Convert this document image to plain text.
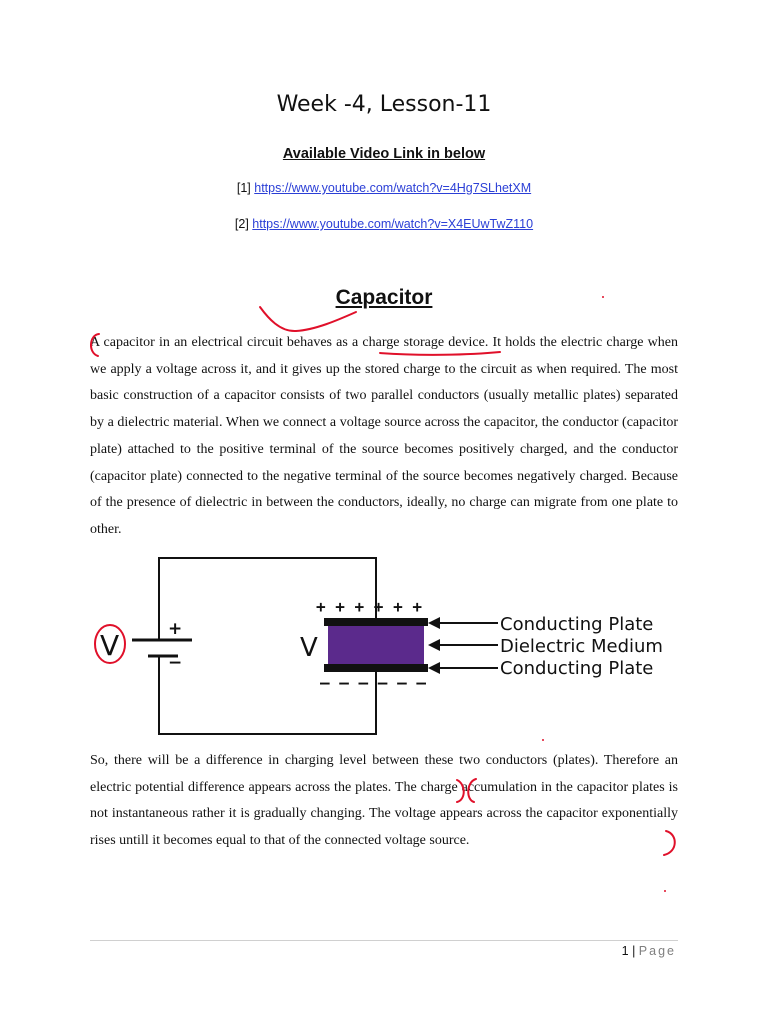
Week -4, Lesson-11
Available Video Link in below
[1] https://www.youtube.com/watch?v=4Hg7SLhetXM
[2] https://www.youtube.com/watch?v=X4EUwTwZ110
Capacitor

A capacitor in an electrical circuit behaves as a charge storage device. It holds the electric charge when we apply a voltage across it, and it gives up the stored charge to the circuit as when required. The most basic construction of a capacitor consists of two parallel conductors (usually metallic plates) separated by a dielectric material. When we connect a voltage source across the capacitor, the conductor (capacitor plate) attached to the positive terminal of the source becomes positively charged, and the conductor (capacitor plate) connected to the negative terminal of the source becomes negatively charged. Because of the presence of dielectric in between the conductors, ideally, no charge can migrate from one plate to other.

+
−
V	V
+ + + + + +
– – – – – –
Conducting Plate
Dielectric Medium
Conducting Plate

So, there will be a difference in charging level between these two conductors (plates). Therefore an electric potential difference appears across the plates. The charge accumulation in the capacitor plates is not instantaneous rather it is gradually changing. The voltage appears across the capacitor exponentially rises untill it becomes equal to that of the connected voltage source.

1 | Page
